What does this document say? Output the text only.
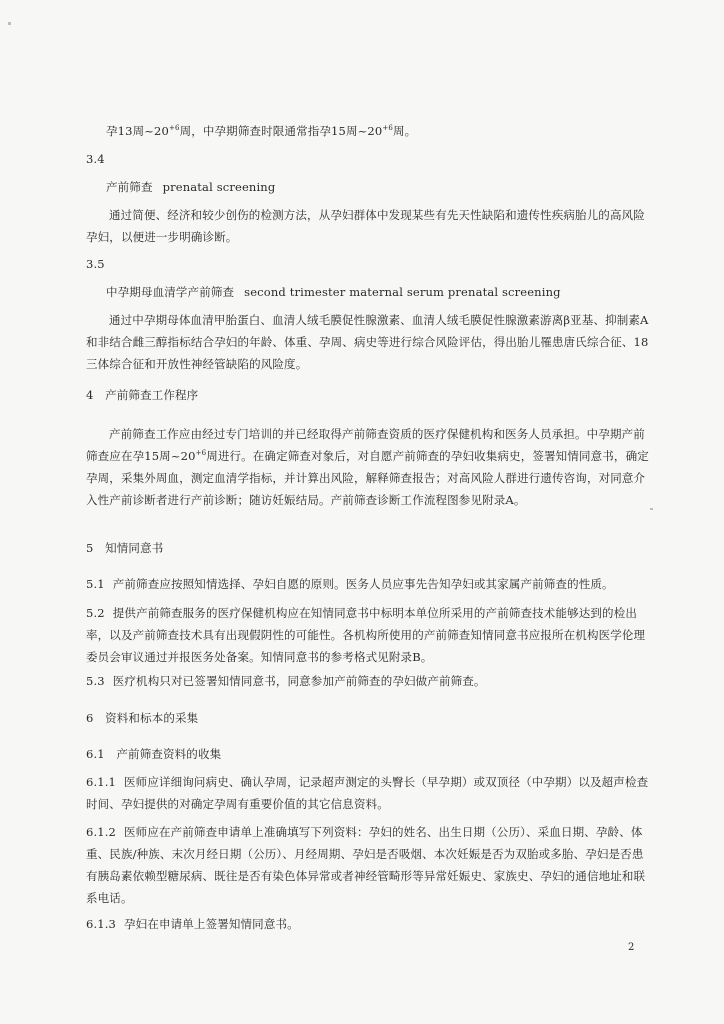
孕13周$\sim 20^{+6}$周，中孕期筛查时限通常指孕15周$\sim 20^{+6}$周。

3.4

产前筛查 prenatal screening

通过简便、经济和较少创伤的检测方法，从孕妇群体中发现某些有先天性缺陷和遗传性疾病胎儿的高风险孕妇，以便进一步明确诊断。

3.5

中孕期母血清学产前筛查 second trimester maternal serum prenatal screening

通过中孕期母体血清甲胎蛋白、血清人绒毛膜促性腺激素、血清人绒毛膜促性腺激素游离β亚基、抑制素A和非结合雌三醇指标结合孕妇的年龄、体重、孕周、病史等进行综合风险评估，得出胎儿罹患唐氏综合征、18三体综合征和开放性神经管缺陷的风险度。

4　产前筛查工作程序

产前筛查工作应由经过专门培训的并已经取得产前筛查资质的医疗保健机构和医务人员承担。中孕期产前筛查应在孕15周$\sim 20^{+6}$周进行。在确定筛查对象后，对自愿产前筛查的孕妇收集病史，签署知情同意书，确定孕周，采集外周血，测定血清学指标，并计算出风险，解释筛查报告；对高风险人群进行遗传咨询，对同意介入性产前诊断者进行产前诊断；随访妊娠结局。产前筛查诊断工作流程图参见附录A。

5　知情同意书

5.1 产前筛查应按照知情选择、孕妇自愿的原则。医务人员应事先告知孕妇或其家属产前筛查的性质。

5.2 提供产前筛查服务的医疗保健机构应在知情同意书中标明本单位所采用的产前筛查技术能够达到的检出率，以及产前筛查技术具有出现假阴性的可能性。各机构所使用的产前筛查知情同意书应报所在机构医学伦理委员会审议通过并报医务处备案。知情同意书的参考格式见附录B。

5.3 医疗机构只对已签署知情同意书，同意参加产前筛查的孕妇做产前筛查。

6　资料和标本的采集

6.1　产前筛查资料的收集

6.1.1 医师应详细询问病史、确认孕周，记录超声测定的头臀长（早孕期）或双顶径（中孕期）以及超声检查时间、孕妇提供的对确定孕周有重要价值的其它信息资料。

6.1.2 医师应在产前筛查申请单上准确填写下列资料：孕妇的姓名、出生日期（公历）、采血日期、孕龄、体重、民族/种族、末次月经日期（公历）、月经周期、孕妇是否吸烟、本次妊娠是否为双胎或多胎、孕妇是否患有胰岛素依赖型糖尿病、既往是否有染色体异常或者神经管畸形等异常妊娠史、家族史、孕妇的通信地址和联系电话。

6.1.3 孕妇在申请单上签署知情同意书。

2
